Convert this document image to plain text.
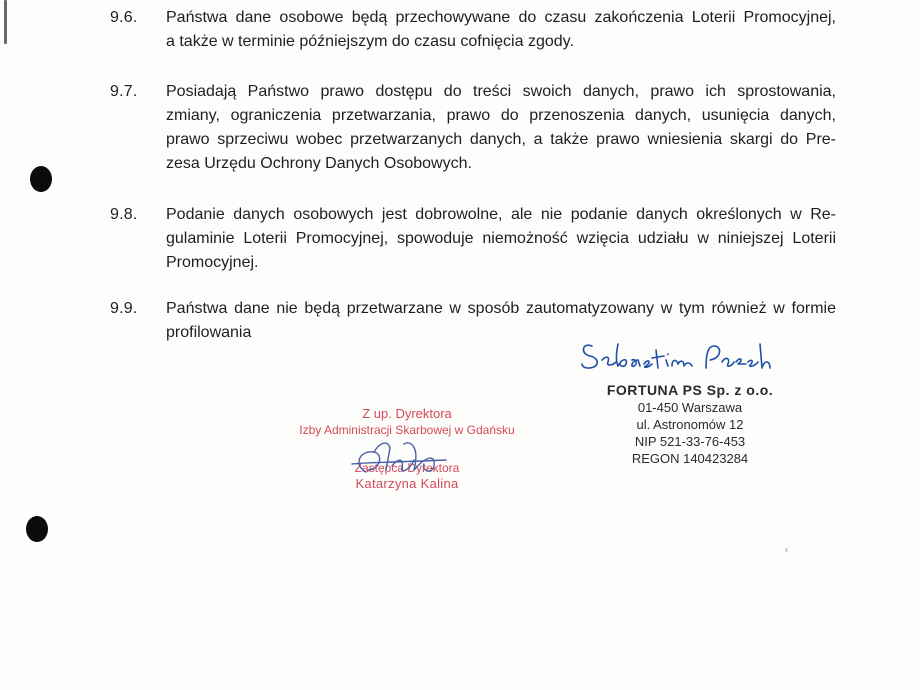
9.6.	Państwa dane osobowe będą przechowywane do czasu zakończenia Loterii Promocyjnej,
a także w terminie późniejszym do czasu cofnięcia zgody.
9.7.	Posiadają Państwo prawo dostępu do treści swoich danych, prawo ich sprostowania,
zmiany, ograniczenia przetwarzania, prawo do przenoszenia danych, usunięcia danych,
prawo sprzeciwu wobec przetwarzanych danych, a także prawo wniesienia skargi do Pre-
zesa Urzędu Ochrony Danych Osobowych.
9.8.	Podanie danych osobowych jest dobrowolne, ale nie podanie danych określonych w Re-
gulaminie Loterii Promocyjnej, spowoduje niemożność wzięcia udziału w niniejszej Loterii
Promocyjnej.
9.9.	Państwa dane nie będą przetwarzane w sposób zautomatyzowany w tym również w formie
profilowania
FORTUNA PS Sp. z o.o.
01-450 Warszawa
ul. Astronomów 12
NIP 521-33-76-453
REGON 140423284
Z up. Dyrektora
Izby Administracji Skarbowej w Gdańsku
Zastępca Dyrektora
Katarzyna Kalina
